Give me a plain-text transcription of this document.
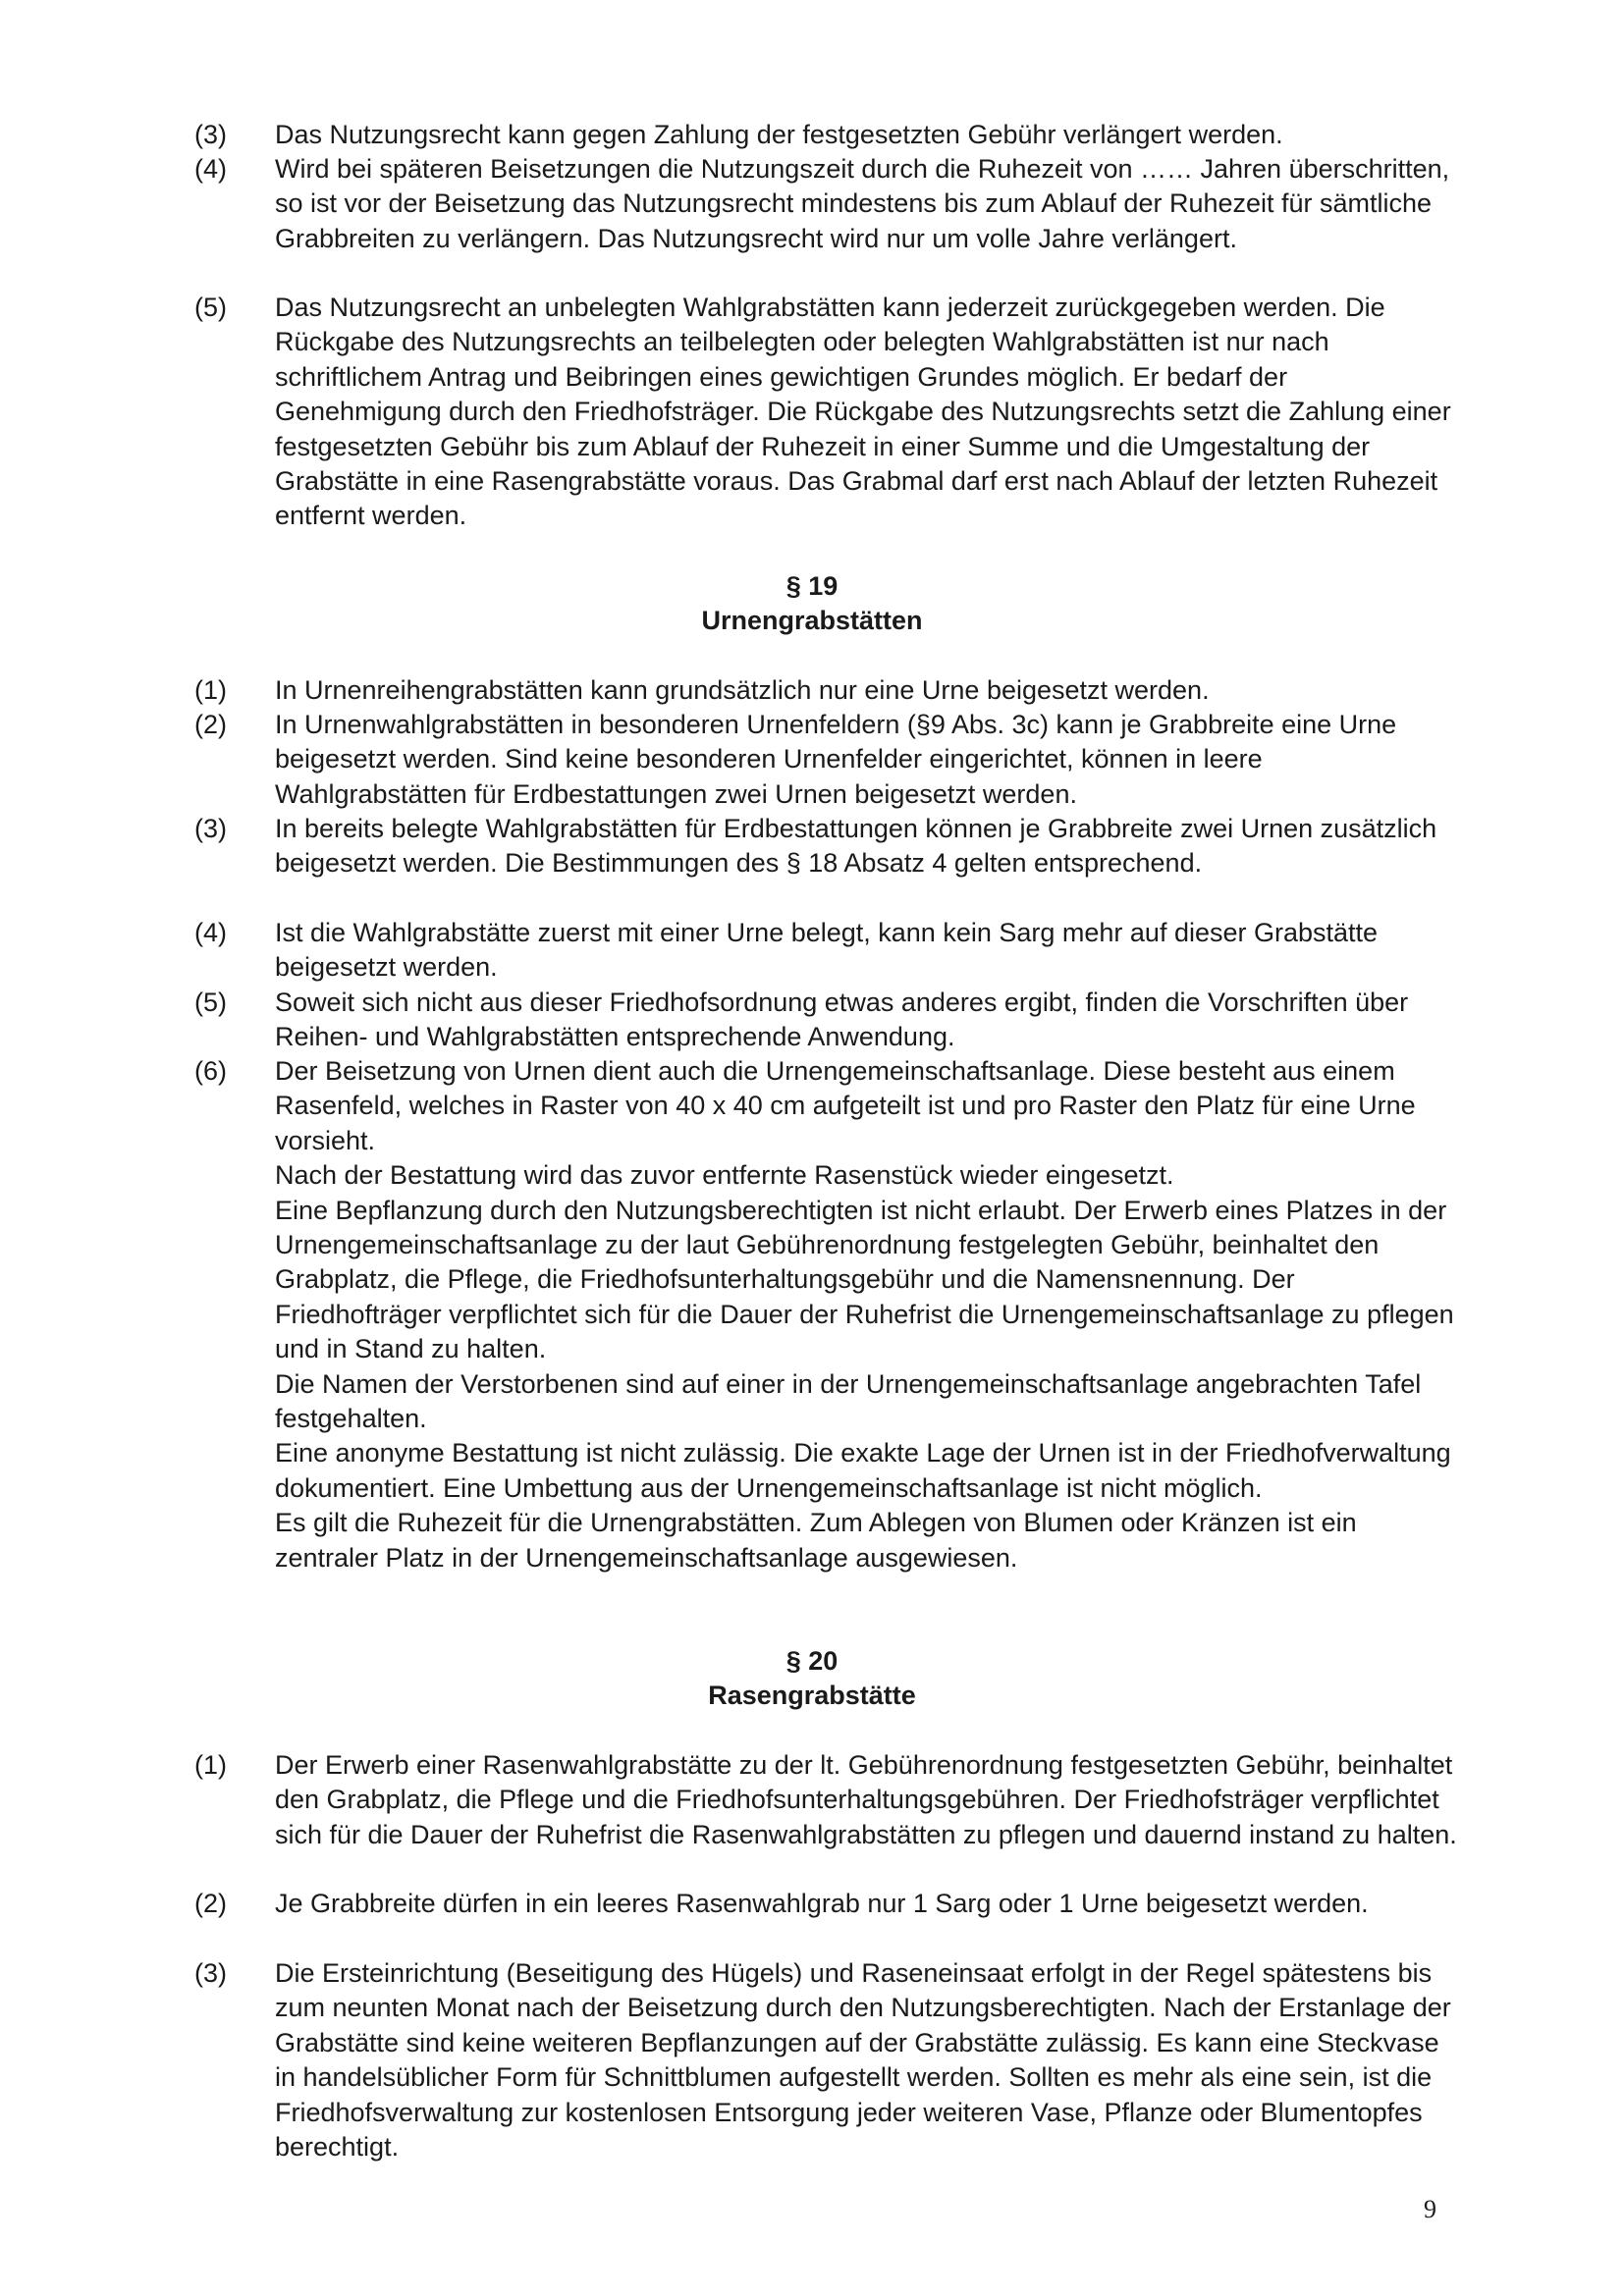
(3)	Das Nutzungsrecht kann gegen Zahlung der festgesetzten Gebühr verlängert werden.

(4)	Wird bei späteren Beisetzungen die Nutzungszeit durch die Ruhezeit von …… Jahren überschritten, so ist vor der Beisetzung das Nutzungsrecht mindestens bis zum Ablauf der Ruhezeit für sämtliche Grabbreiten zu verlängern. Das Nutzungsrecht wird nur um volle Jahre verlängert.

(5)	Das Nutzungsrecht an unbelegten Wahlgrabstätten kann jederzeit zurückgegeben werden. Die Rückgabe des Nutzungsrechts an teilbelegten oder belegten Wahlgrabstätten ist nur nach schriftlichem Antrag und Beibringen eines gewichtigen Grundes möglich. Er bedarf der Genehmigung durch den Friedhofsträger. Die Rückgabe des Nutzungsrechts setzt die Zahlung einer festgesetzten Gebühr bis zum Ablauf der Ruhezeit in einer Summe und die Umgestaltung der Grabstätte in eine Rasengrabstätte voraus. Das Grabmal darf erst nach Ablauf der letzten Ruhezeit entfernt werden.

§ 19
Urnengrabstätten
(1)	In Urnenreihengrabstätten kann grundsätzlich nur eine Urne beigesetzt werden.

(2)	In Urnenwahlgrabstätten in besonderen Urnenfeldern (§9 Abs. 3c) kann je Grabbreite eine Urne beigesetzt werden. Sind keine besonderen Urnenfelder eingerichtet, können in leere Wahlgrabstätten für Erdbestattungen zwei Urnen beigesetzt werden.

(3)	In bereits belegte Wahlgrabstätten für Erdbestattungen können je Grabbreite zwei Urnen zusätzlich beigesetzt werden. Die Bestimmungen des § 18 Absatz 4 gelten entsprechend.

(4)	Ist die Wahlgrabstätte zuerst mit einer Urne belegt, kann kein Sarg mehr auf dieser Grabstätte beigesetzt werden.

(5)	Soweit sich nicht aus dieser Friedhofsordnung etwas anderes ergibt, finden die Vorschriften über Reihen- und Wahlgrabstätten entsprechende Anwendung.

(6)	Der Beisetzung von Urnen dient auch die Urnengemeinschaftsanlage. Diese besteht aus einem Rasenfeld, welches in Raster von 40 x 40 cm aufgeteilt ist und pro Raster den Platz für eine Urne vorsieht.

Nach der Bestattung wird das zuvor entfernte Rasenstück wieder eingesetzt.

Eine Bepflanzung durch den Nutzungsberechtigten ist nicht erlaubt. Der Erwerb eines Platzes in der Urnengemeinschaftsanlage zu der laut Gebührenordnung festgelegten Gebühr, beinhaltet den Grabplatz, die Pflege, die Friedhofsunterhaltungsgebühr und die Namensnennung. Der Friedhofträger verpflichtet sich für die Dauer der Ruhefrist die Urnengemeinschaftsanlage zu pflegen und in Stand zu halten.

Die Namen der Verstorbenen sind auf einer in der Urnengemeinschaftsanlage angebrachten Tafel festgehalten.

Eine anonyme Bestattung ist nicht zulässig. Die exakte Lage der Urnen ist in der Friedhofverwaltung dokumentiert. Eine Umbettung aus der Urnengemeinschaftsanlage ist nicht möglich.

Es gilt die Ruhezeit für die Urnengrabstätten. Zum Ablegen von Blumen oder Kränzen ist ein zentraler Platz in der Urnengemeinschaftsanlage ausgewiesen.

§ 20
Rasengrabstätte
(1)	Der Erwerb einer Rasenwahlgrabstätte zu der lt. Gebührenordnung festgesetzten Gebühr, beinhaltet den Grabplatz, die Pflege und die Friedhofsunterhaltungsgebühren. Der Friedhofsträger verpflichtet sich für die Dauer der Ruhefrist die Rasenwahlgrabstätten zu pflegen und dauernd instand zu halten.

(2)	Je Grabbreite dürfen in ein leeres Rasenwahlgrab nur 1 Sarg oder 1 Urne beigesetzt werden.

(3)	Die Ersteinrichtung (Beseitigung des Hügels) und Raseneinsaat erfolgt in der Regel spätestens bis zum neunten Monat nach der Beisetzung durch den Nutzungsberechtigten. Nach der Erstanlage der Grabstätte sind keine weiteren Bepflanzungen auf der Grabstätte zulässig. Es kann eine Steckvase in handelsüblicher Form für Schnittblumen aufgestellt werden. Sollten es mehr als eine sein, ist die Friedhofsverwaltung zur kostenlosen Entsorgung jeder weiteren Vase, Pflanze oder Blumentopfes berechtigt.

9
